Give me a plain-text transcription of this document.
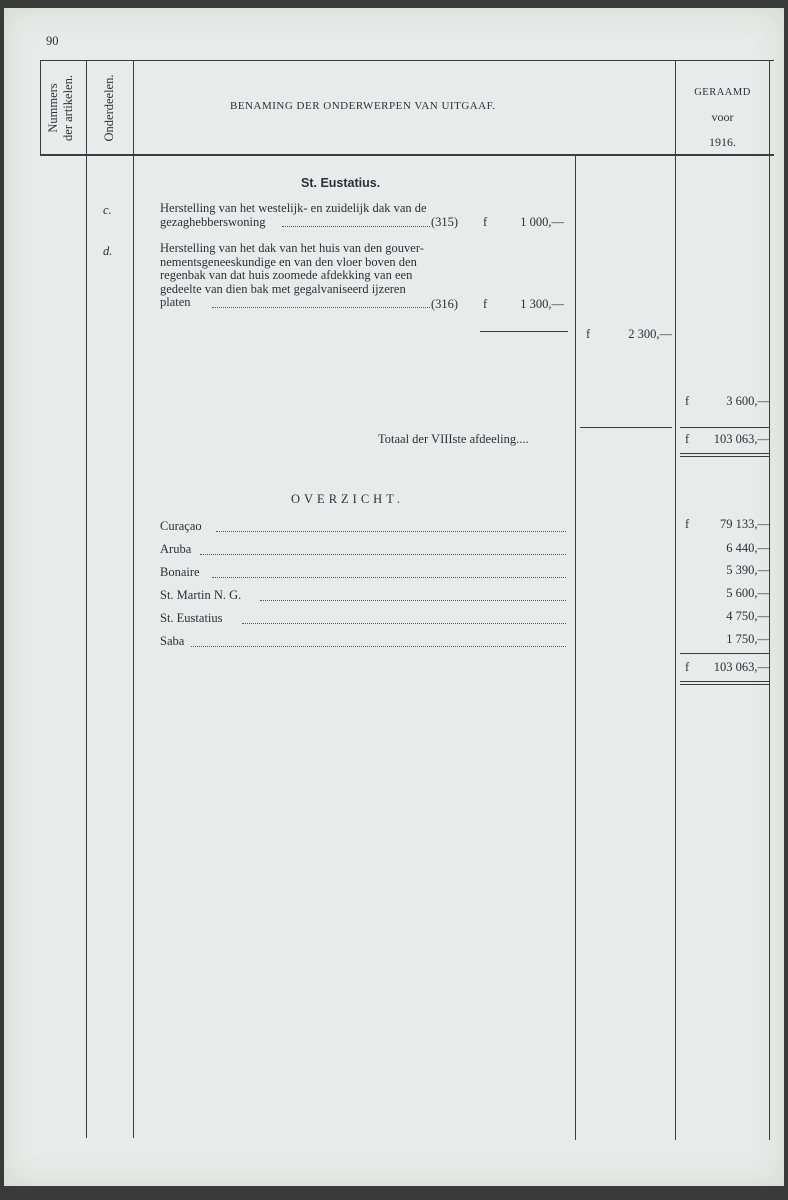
90
Nummers
der artikelen. Onderdeelen.	BENAMING DER ONDERWERPEN VAN UITGAAF.
GERAAMD
voor
1916.
St. Eustatius.
c.	Herstelling van het westelijk- en zuidelijk dak van de
gezaghebberswoning	(315) f	1 000,—
d.	Herstelling van het dak van het huis van den gouver-
nementsgeneeskundige en van den vloer boven den
regenbak van dat huis zoomede afdekking van een
gedeelte van dien bak met gegalvaniseerd ijzeren
platen	(316) f	1 300,—
f	2 300,—
f	3 600,—
Totaal der VIIIste afdeeling....	f	103 063,—
OVERZICHT.
Curaçao	f	79 133,—
Aruba	6 440,—
Bonaire	5 390,—
St. Martin N. G.	5 600,—
St. Eustatius	4 750,—
Saba	1 750,—
f	103 063,—
